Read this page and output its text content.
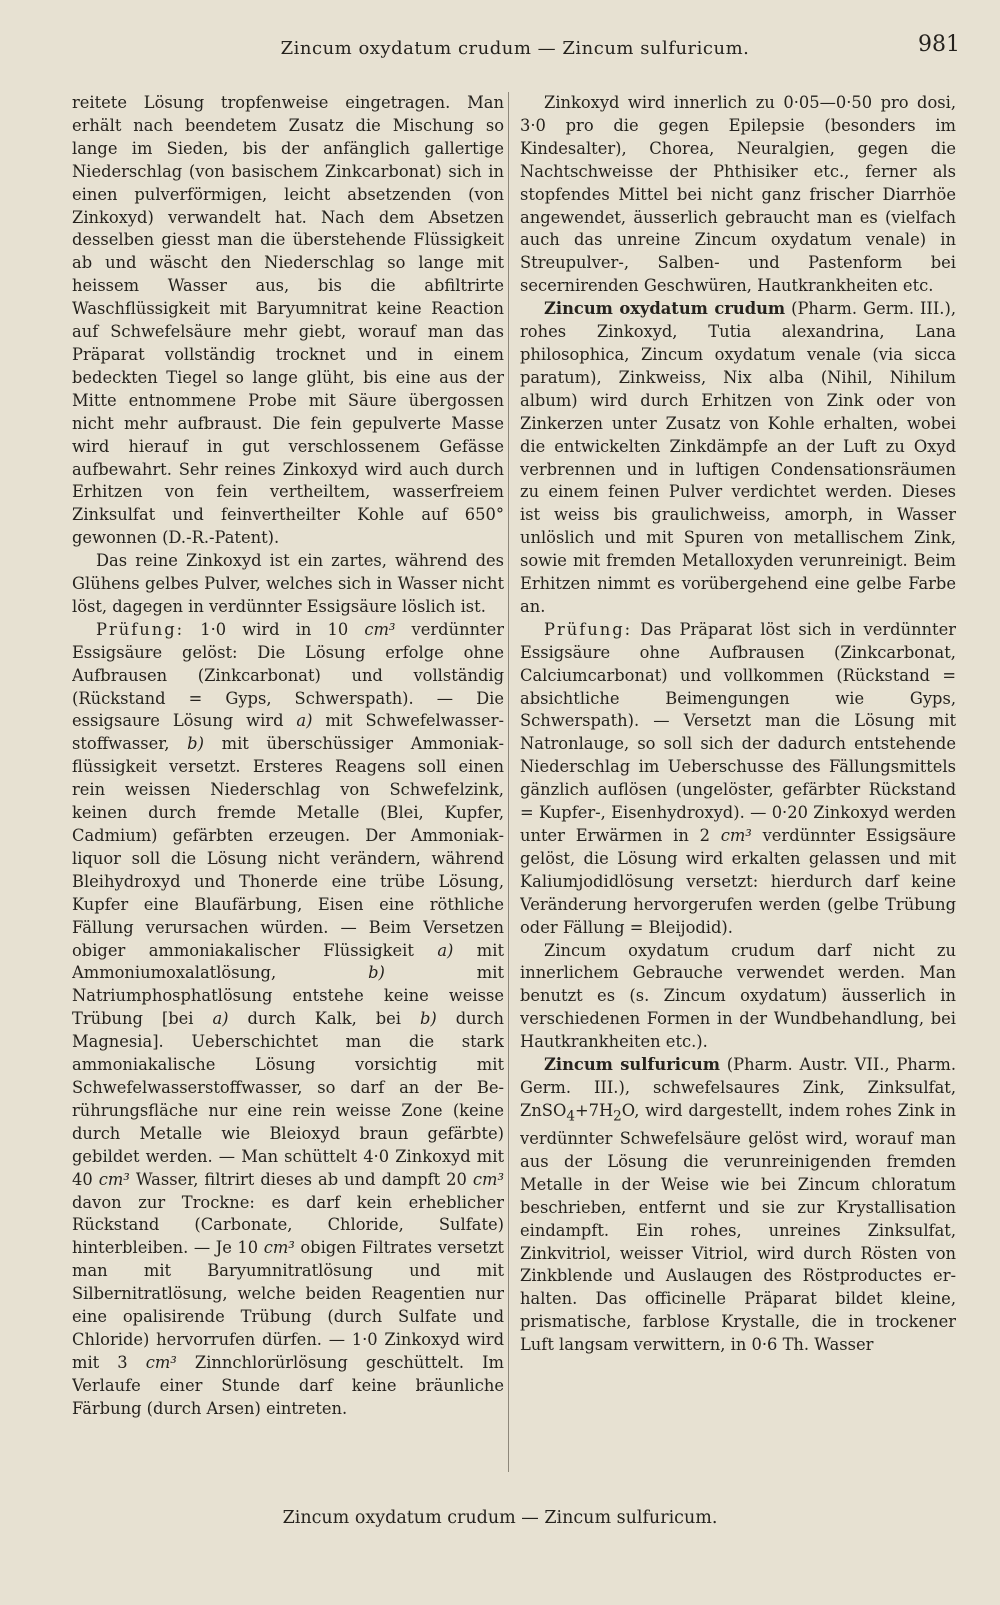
Zincum oxydatum crudum — Zincum sulfuricum.	981

reitete Lösung tropfenweise eingetragen. Man erhält nach beendetem Zusatz die Mischung so lange im Sieden, bis der anfänglich gallertige Niederschlag (von basischem Zinkcarbonat) sich in einen pulverförmigen, leicht absetzenden (von Zinkoxyd) verwandelt hat. Nach dem Absetzen desselben giesst man die überstehende Flüssigkeit ab und wäscht den Niederschlag so lange mit heissem Wasser aus, bis die abfiltrirte Waschflüssigkeit mit Baryumnitrat keine Reaction auf Schwefelsäure mehr giebt, worauf man das Präparat vollständig trocknet und in einem bedeckten Tiegel so lange glüht, bis eine aus der Mitte entnommene Probe mit Säure übergossen nicht mehr aufbraust. Die fein gepulverte Masse wird hierauf in gut verschlossenem Gefässe aufbewahrt. Sehr reines Zinkoxyd wird auch durch Erhitzen von fein vertheiltem, wasserfreiem Zinksulfat und feinvertheilter Kohle auf 650° gewonnen (D.-R.-Patent).

Das reine Zinkoxyd ist ein zartes, während des Glühens gelbes Pulver, welches sich in Wasser nicht löst, dagegen in verdünnter Essigsäure löslich ist.

Prüfung: 1·0 wird in 10 cm³ verdünnter Essigsäure gelöst: Die Lösung erfolge ohne Aufbrausen (Zinkcarbonat) und vollständig (Rückstand = Gyps, Schwerspath). — Die essigsaure Lösung wird a) mit Schwefelwasserstoffwasser, b) mit überschüssiger Ammoniakflüssigkeit versetzt. Ersteres Reagens soll einen rein weissen Niederschlag von Schwefelzink, keinen durch fremde Metalle (Blei, Kupfer, Cadmium) gefärbten erzeugen. Der Ammoniakliquor soll die Lösung nicht verändern, während Bleihydroxyd und Thonerde eine trübe Lösung, Kupfer eine Blaufärbung, Eisen eine röthliche Fällung verursachen würden. — Beim Versetzen obiger ammoniakalischer Flüssigkeit a) mit Ammoniumoxalatlösung, b) mit Natriumphosphatlösung entstehe keine weisse Trübung [bei a) durch Kalk, bei b) durch Magnesia]. Ueberschichtet man die stark ammoniakalische Lösung vorsichtig mit Schwefelwasserstoffwasser, so darf an der Berührungsfläche nur eine rein weisse Zone (keine durch Metalle wie Bleioxyd braun gefärbte) gebildet werden. — Man schüttelt 4·0 Zinkoxyd mit 40 cm³ Wasser, filtrirt dieses ab und dampft 20 cm³ davon zur Trockne: es darf kein erheblicher Rückstand (Carbonate, Chloride, Sulfate) hinterbleiben. — Je 10 cm³ obigen Filtrates versetzt man mit Baryumnitratlösung und mit Silbernitratlösung, welche beiden Reagentien nur eine opalisirende Trübung (durch Sulfate und Chloride) hervorrufen dürfen. — 1·0 Zinkoxyd wird mit 3 cm³ Zinnchlorürlösung geschüttelt. Im Verlaufe einer Stunde darf keine bräunliche Färbung (durch Arsen) eintreten.

Zinkoxyd wird innerlich zu 0·05—0·50 pro dosi, 3·0 pro die gegen Epilepsie (besonders im Kindesalter), Chorea, Neuralgien, gegen die Nachtschweisse der Phthisiker etc., ferner als stopfendes Mittel bei nicht ganz frischer Diarrhöe angewendet, äusserlich gebraucht man es (vielfach auch das unreine Zincum oxydatum venale) in Streupulver-, Salben- und Pastenform bei secernirenden Geschwüren, Hautkrankheiten etc.

Zincum oxydatum crudum (Pharm. Germ. III.), rohes Zinkoxyd, Tutia alexandrina, Lana philosophica, Zincum oxydatum venale (via sicca paratum), Zinkweiss, Nix alba (Nihil, Nihilum album) wird durch Erhitzen von Zink oder von Zinkerzen unter Zusatz von Kohle erhalten, wobei die entwickelten Zinkdämpfe an der Luft zu Oxyd verbrennen und in luftigen Condensationsräumen zu einem feinen Pulver verdichtet werden. Dieses ist weiss bis graulichweiss, amorph, in Wasser unlöslich und mit Spuren von metallischem Zink, sowie mit fremden Metalloxyden verunreinigt. Beim Erhitzen nimmt es vorübergehend eine gelbe Farbe an.

Prüfung: Das Präparat löst sich in verdünnter Essigsäure ohne Aufbrausen (Zinkcarbonat, Calciumcarbonat) und vollkommen (Rückstand = absichtliche Beimengungen wie Gyps, Schwerspath). — Versetzt man die Lösung mit Natronlauge, so soll sich der dadurch entstehende Niederschlag im Ueberschusse des Fällungsmittels gänzlich auflösen (ungelöster, gefärbter Rückstand = Kupfer-, Eisenhydroxyd). — 0·20 Zinkoxyd werden unter Erwärmen in 2 cm³ verdünnter Essigsäure gelöst, die Lösung wird erkalten gelassen und mit Kaliumjodidlösung versetzt: hierdurch darf keine Veränderung hervorgerufen werden (gelbe Trübung oder Fällung = Bleijodid).

Zincum oxydatum crudum darf nicht zu innerlichem Gebrauche verwendet werden. Man benutzt es (s. Zincum oxydatum) äusserlich in verschiedenen Formen in der Wundbehandlung, bei Hautkrankheiten etc.).

Zincum sulfuricum (Pharm. Austr. VII., Pharm. Germ. III.), schwefelsaures Zink, Zinksulfat, $ZnSO_4+7H_2O$, wird dargestellt, indem rohes Zink in verdünnter Schwefelsäure gelöst wird, worauf man aus der Lösung die verunreinigenden fremden Metalle in der Weise wie bei Zincum chloratum beschrieben, entfernt und sie zur Krystallisation eindampft. Ein rohes, unreines Zinksulfat, Zinkvitriol, weisser Vitriol, wird durch Rösten von Zinkblende und Auslaugen des Röstproductes erhalten. Das officinelle Präparat bildet kleine, prismatische, farblose Krystalle, die in trockener Luft langsam verwittern, in 0·6 Th. Wasser

Zincum oxydatum crudum — Zincum sulfuricum.
